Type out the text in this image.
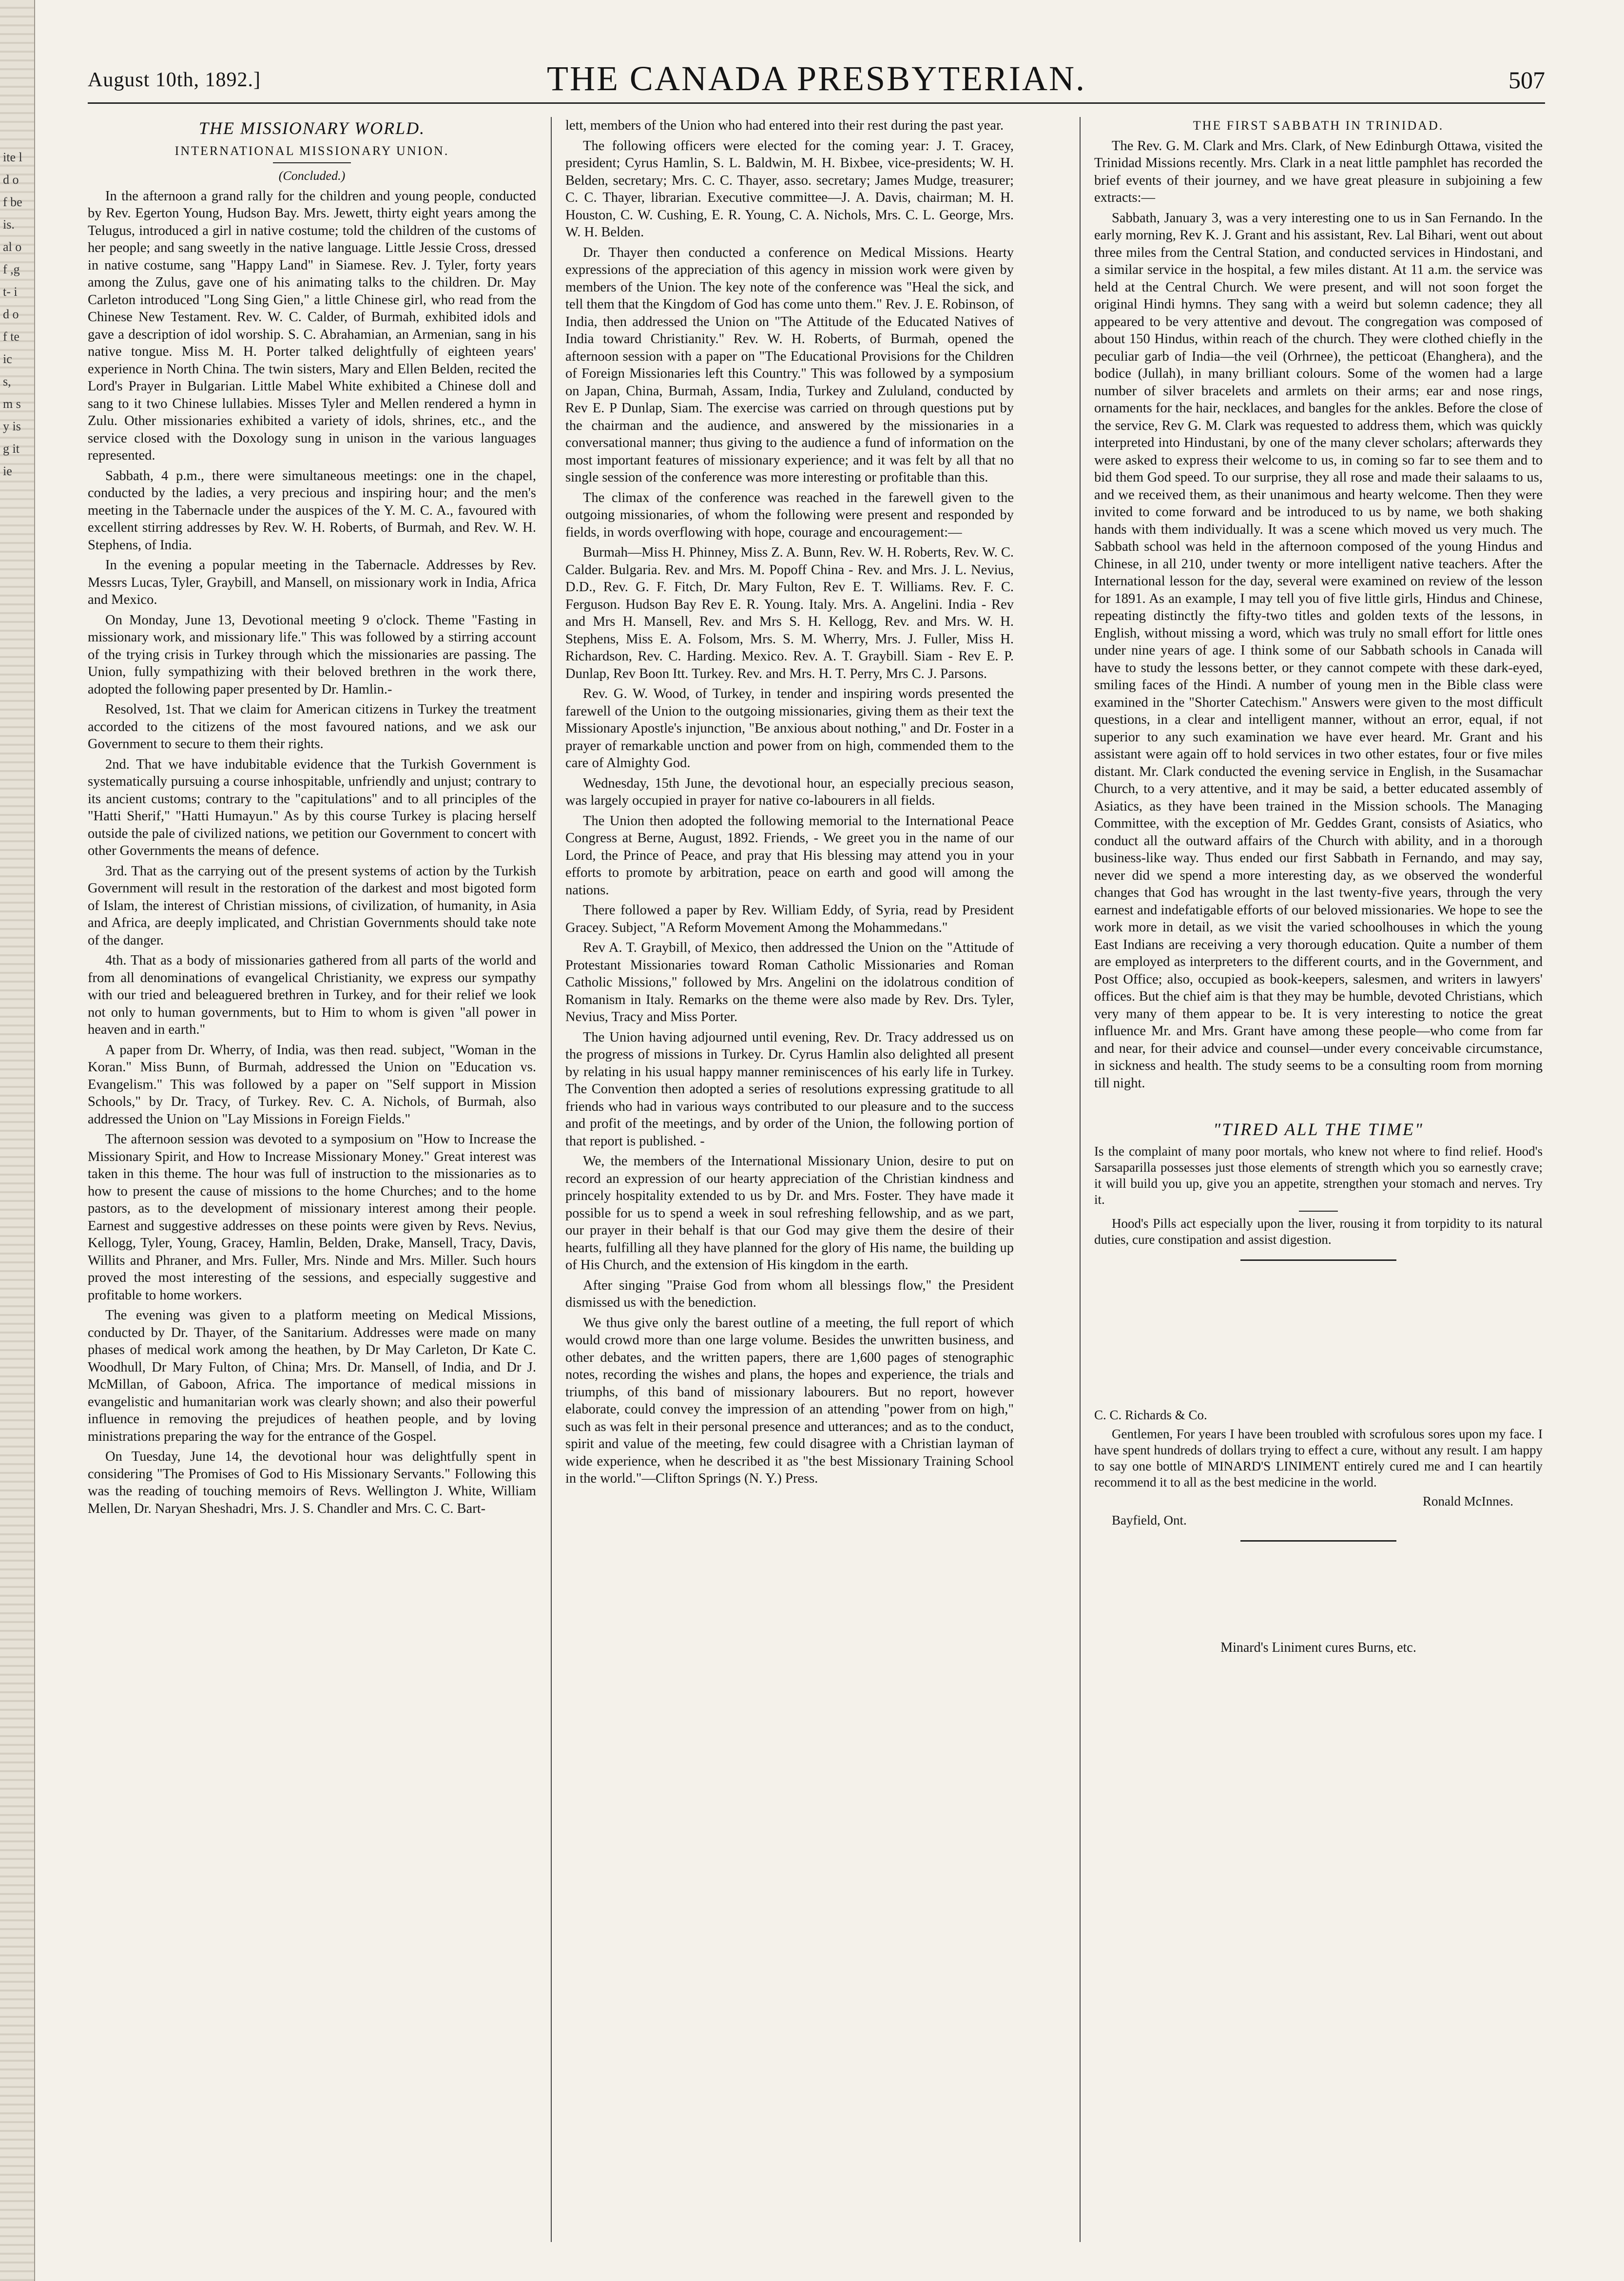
ite ld of be is. al of ,g t- id of te ic s, m sy is g it ie
August 10th, 1892.]	THE CANADA PRESBYTERIAN.	507
THE MISSIONARY WORLD.
INTERNATIONAL MISSIONARY UNION.
(Concluded.)

In the afternoon a grand rally for the children and young people, conducted by Rev. Egerton Young, Hudson Bay. Mrs. Jewett, thirty eight years among the Telugus, introduced a girl in native costume; told the children of the customs of her people; and sang sweetly in the native language. Little Jessie Cross, dressed in native costume, sang "Happy Land" in Siamese. Rev. J. Tyler, forty years among the Zulus, gave one of his animating talks to the children. Dr. May Carleton introduced "Long Sing Gien," a little Chinese girl, who read from the Chinese New Testament. Rev. W. C. Calder, of Burmah, exhibited idols and gave a description of idol worship. S. C. Abrahamian, an Armenian, sang in his native tongue. Miss M. H. Porter talked delightfully of eighteen years' experience in North China. The twin sisters, Mary and Ellen Belden, recited the Lord's Prayer in Bulgarian. Little Mabel White exhibited a Chinese doll and sang to it two Chinese lullabies. Misses Tyler and Mellen rendered a hymn in Zulu. Other missionaries exhibited a variety of idols, shrines, etc., and the service closed with the Doxology sung in unison in the various languages represented.

Sabbath, 4 p.m., there were simultaneous meetings: one in the chapel, conducted by the ladies, a very precious and inspiring hour; and the men's meeting in the Tabernacle under the auspices of the Y. M. C. A., favoured with excellent stirring addresses by Rev. W. H. Roberts, of Burmah, and Rev. W. H. Stephens, of India.

In the evening a popular meeting in the Tabernacle. Addresses by Rev. Messrs Lucas, Tyler, Graybill, and Mansell, on missionary work in India, Africa and Mexico.

On Monday, June 13, Devotional meeting 9 o'clock. Theme "Fasting in missionary work, and missionary life." This was followed by a stirring account of the trying crisis in Turkey through which the missionaries are passing. The Union, fully sympathizing with their beloved brethren in the work there, adopted the following paper presented by Dr. Hamlin.-

Resolved, 1st. That we claim for American citizens in Turkey the treatment accorded to the citizens of the most favoured nations, and we ask our Government to secure to them their rights.

2nd. That we have indubitable evidence that the Turkish Government is systematically pursuing a course inhospitable, unfriendly and unjust; contrary to its ancient customs; contrary to the "capitulations" and to all principles of the "Hatti Sherif," "Hatti Humayun." As by this course Turkey is placing herself outside the pale of civilized nations, we petition our Government to concert with other Governments the means of defence.

3rd. That as the carrying out of the present systems of action by the Turkish Government will result in the restoration of the darkest and most bigoted form of Islam, the interest of Christian missions, of civilization, of humanity, in Asia and Africa, are deeply implicated, and Christian Governments should take note of the danger.

4th. That as a body of missionaries gathered from all parts of the world and from all denominations of evangelical Christianity, we express our sympathy with our tried and beleaguered brethren in Turkey, and for their relief we look not only to human governments, but to Him to whom is given "all power in heaven and in earth."

A paper from Dr. Wherry, of India, was then read. subject, "Woman in the Koran." Miss Bunn, of Burmah, addressed the Union on "Education vs. Evangelism." This was followed by a paper on "Self support in Mission Schools," by Dr. Tracy, of Turkey. Rev. C. A. Nichols, of Burmah, also addressed the Union on "Lay Missions in Foreign Fields."

The afternoon session was devoted to a symposium on "How to Increase the Missionary Spirit, and How to Increase Missionary Money." Great interest was taken in this theme. The hour was full of instruction to the missionaries as to how to present the cause of missions to the home Churches; and to the home pastors, as to the development of missionary interest among their people. Earnest and suggestive addresses on these points were given by Revs. Nevius, Kellogg, Tyler, Young, Gracey, Hamlin, Belden, Drake, Mansell, Tracy, Davis, Willits and Phraner, and Mrs. Fuller, Mrs. Ninde and Mrs. Miller. Such hours proved the most interesting of the sessions, and especially suggestive and profitable to home workers.

The evening was given to a platform meeting on Medical Missions, conducted by Dr. Thayer, of the Sanitarium. Addresses were made on many phases of medical work among the heathen, by Dr May Carleton, Dr Kate C. Woodhull, Dr Mary Fulton, of China; Mrs. Dr. Mansell, of India, and Dr J. McMillan, of Gaboon, Africa. The importance of medical missions in evangelistic and humanitarian work was clearly shown; and also their powerful influence in removing the prejudices of heathen people, and by loving ministrations preparing the way for the entrance of the Gospel.

On Tuesday, June 14, the devotional hour was delightfully spent in considering "The Promises of God to His Missionary Servants." Following this was the reading of touching memoirs of Revs. Wellington J. White, William Mellen, Dr. Naryan Sheshadri, Mrs. J. S. Chandler and Mrs. C. C. Bart-

lett, members of the Union who had entered into their rest during the past year.

The following officers were elected for the coming year: J. T. Gracey, president; Cyrus Hamlin, S. L. Baldwin, M. H. Bixbee, vice-presidents; W. H. Belden, secretary; Mrs. C. C. Thayer, asso. secretary; James Mudge, treasurer; C. C. Thayer, librarian. Executive committee—J. A. Davis, chairman; M. H. Houston, C. W. Cushing, E. R. Young, C. A. Nichols, Mrs. C. L. George, Mrs. W. H. Belden.

Dr. Thayer then conducted a conference on Medical Missions. Hearty expressions of the appreciation of this agency in mission work were given by members of the Union. The key note of the conference was "Heal the sick, and tell them that the Kingdom of God has come unto them." Rev. J. E. Robinson, of India, then addressed the Union on "The Attitude of the Educated Natives of India toward Christianity." Rev. W. H. Roberts, of Burmah, opened the afternoon session with a paper on "The Educational Provisions for the Children of Foreign Missionaries left this Country." This was followed by a symposium on Japan, China, Burmah, Assam, India, Turkey and Zululand, conducted by Rev E. P Dunlap, Siam. The exercise was carried on through questions put by the chairman and the audience, and answered by the missionaries in a conversational manner; thus giving to the audience a fund of information on the most important features of missionary experience; and it was felt by all that no single session of the conference was more interesting or profitable than this.

The climax of the conference was reached in the farewell given to the outgoing missionaries, of whom the following were present and responded by fields, in words overflowing with hope, courage and encouragement:—

Burmah—Miss H. Phinney, Miss Z. A. Bunn, Rev. W. H. Roberts, Rev. W. C. Calder. Bulgaria. Rev. and Mrs. M. Popoff China - Rev. and Mrs. J. L. Nevius, D.D., Rev. G. F. Fitch, Dr. Mary Fulton, Rev E. T. Williams. Rev. F. C. Ferguson. Hudson Bay Rev E. R. Young. Italy. Mrs. A. Angelini. India - Rev and Mrs H. Mansell, Rev. and Mrs S. H. Kellogg, Rev. and Mrs. W. H. Stephens, Miss E. A. Folsom, Mrs. S. M. Wherry, Mrs. J. Fuller, Miss H. Richardson, Rev. C. Harding. Mexico. Rev. A. T. Graybill. Siam - Rev E. P. Dunlap, Rev Boon Itt. Turkey. Rev. and Mrs. H. T. Perry, Mrs C. J. Parsons.

Rev. G. W. Wood, of Turkey, in tender and inspiring words presented the farewell of the Union to the outgoing missionaries, giving them as their text the Missionary Apostle's injunction, "Be anxious about nothing," and Dr. Foster in a prayer of remarkable unction and power from on high, commended them to the care of Almighty God.

Wednesday, 15th June, the devotional hour, an especially precious season, was largely occupied in prayer for native co-labourers in all fields.

The Union then adopted the following memorial to the International Peace Congress at Berne, August, 1892. Friends, - We greet you in the name of our Lord, the Prince of Peace, and pray that His blessing may attend you in your efforts to promote by arbitration, peace on earth and good will among the nations.

There followed a paper by Rev. William Eddy, of Syria, read by President Gracey. Subject, "A Reform Movement Among the Mohammedans."

Rev A. T. Graybill, of Mexico, then addressed the Union on the "Attitude of Protestant Missionaries toward Roman Catholic Missionaries and Roman Catholic Missions," followed by Mrs. Angelini on the idolatrous condition of Romanism in Italy. Remarks on the theme were also made by Rev. Drs. Tyler, Nevius, Tracy and Miss Porter.

The Union having adjourned until evening, Rev. Dr. Tracy addressed us on the progress of missions in Turkey. Dr. Cyrus Hamlin also delighted all present by relating in his usual happy manner reminiscences of his early life in Turkey. The Convention then adopted a series of resolutions expressing gratitude to all friends who had in various ways contributed to our pleasure and to the success and profit of the meetings, and by order of the Union, the following portion of that report is published. -

We, the members of the International Missionary Union, desire to put on record an expression of our hearty appreciation of the Christian kindness and princely hospitality extended to us by Dr. and Mrs. Foster. They have made it possible for us to spend a week in soul refreshing fellowship, and as we part, our prayer in their behalf is that our God may give them the desire of their hearts, fulfilling all they have planned for the glory of His name, the building up of His Church, and the extension of His kingdom in the earth.

After singing "Praise God from whom all blessings flow," the President dismissed us with the benediction.

We thus give only the barest outline of a meeting, the full report of which would crowd more than one large volume. Besides the unwritten business, and other debates, and the written papers, there are 1,600 pages of stenographic notes, recording the wishes and plans, the hopes and experience, the trials and triumphs, of this band of missionary labourers. But no report, however elaborate, could convey the impression of an attending "power from on high," such as was felt in their personal presence and utterances; and as to the conduct, spirit and value of the meeting, few could disagree with a Christian layman of wide experience, when he described it as "the best Missionary Training School in the world."—Clifton Springs (N. Y.) Press.

THE FIRST SABBATH IN TRINIDAD.

The Rev. G. M. Clark and Mrs. Clark, of New Edinburgh Ottawa, visited the Trinidad Missions recently. Mrs. Clark in a neat little pamphlet has recorded the brief events of their journey, and we have great pleasure in subjoining a few extracts:—

Sabbath, January 3, was a very interesting one to us in San Fernando. In the early morning, Rev K. J. Grant and his assistant, Rev. Lal Bihari, went out about three miles from the Central Station, and conducted services in Hindostani, and a similar service in the hospital, a few miles distant. At 11 a.m. the service was held at the Central Church. We were present, and will not soon forget the original Hindi hymns. They sang with a weird but solemn cadence; they all appeared to be very attentive and devout. The congregation was composed of about 150 Hindus, within reach of the church. They were clothed chiefly in the peculiar garb of India—the veil (Orhrnee), the petticoat (Ehanghera), and the bodice (Jullah), in many brilliant colours. Some of the women had a large number of silver bracelets and armlets on their arms; ear and nose rings, ornaments for the hair, necklaces, and bangles for the ankles. Before the close of the service, Rev G. M. Clark was requested to address them, which was quickly interpreted into Hindustani, by one of the many clever scholars; afterwards they were asked to express their welcome to us, in coming so far to see them and to bid them God speed. To our surprise, they all rose and made their salaams to us, and we received them, as their unanimous and hearty welcome. Then they were invited to come forward and be introduced to us by name, we both shaking hands with them individually. It was a scene which moved us very much. The Sabbath school was held in the afternoon composed of the young Hindus and Chinese, in all 210, under twenty or more intelligent native teachers. After the International lesson for the day, several were examined on review of the lesson for 1891. As an example, I may tell you of five little girls, Hindus and Chinese, repeating distinctly the fifty-two titles and golden texts of the lessons, in English, without missing a word, which was truly no small effort for little ones under nine years of age. I think some of our Sabbath schools in Canada will have to study the lessons better, or they cannot compete with these dark-eyed, smiling faces of the Hindi. A number of young men in the Bible class were examined in the "Shorter Catechism." Answers were given to the most difficult questions, in a clear and intelligent manner, without an error, equal, if not superior to any such examination we have ever heard. Mr. Grant and his assistant were again off to hold services in two other estates, four or five miles distant. Mr. Clark conducted the evening service in English, in the Susamachar Church, to a very attentive, and it may be said, a better educated assembly of Asiatics, as they have been trained in the Mission schools. The Managing Committee, with the exception of Mr. Geddes Grant, consists of Asiatics, who conduct all the outward affairs of the Church with ability, and in a thorough business-like way. Thus ended our first Sabbath in Fernando, and may say, never did we spend a more interesting day, as we observed the wonderful changes that God has wrought in the last twenty-five years, through the very earnest and indefatigable efforts of our beloved missionaries. We hope to see the work more in detail, as we visit the varied schoolhouses in which the young East Indians are receiving a very thorough education. Quite a number of them are employed as interpreters to the different courts, and in the Government, and Post Office; also, occupied as book-keepers, salesmen, and writers in lawyers' offices. But the chief aim is that they may be humble, devoted Christians, which very many of them appear to be. It is very interesting to notice the great influence Mr. and Mrs. Grant have among these people—who come from far and near, for their advice and counsel—under every conceivable circumstance, in sickness and health. The study seems to be a consulting room from morning till night.

"TIRED ALL THE TIME"

Is the complaint of many poor mortals, who knew not where to find relief. Hood's Sarsaparilla possesses just those elements of strength which you so earnestly crave; it will build you up, give you an appetite, strengthen your stomach and nerves. Try it.

Hood's Pills act especially upon the liver, rousing it from torpidity to its natural duties, cure constipation and assist digestion.

C. C. Richards & Co.

Gentlemen, For years I have been troubled with scrofulous sores upon my face. I have spent hundreds of dollars trying to effect a cure, without any result. I am happy to say one bottle of MINARD'S LINIMENT entirely cured me and I can heartily recommend it to all as the best medicine in the world.

Ronald McInnes.

Bayfield, Ont.

Minard's Liniment cures Burns, etc.
